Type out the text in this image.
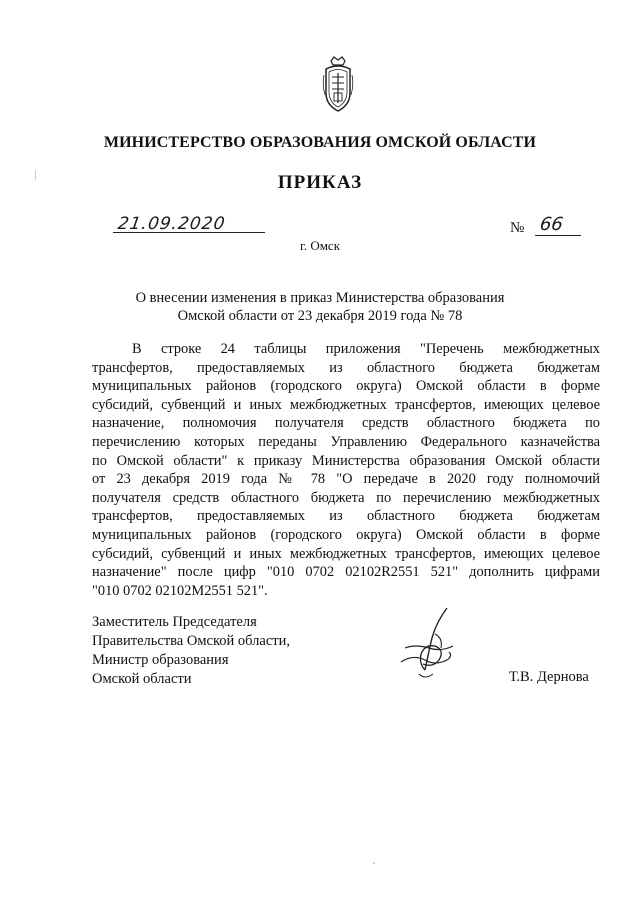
МИНИСТЕРСТВО ОБРАЗОВАНИЯ ОМСКОЙ ОБЛАСТИ
ПРИКАЗ
21.09.2020	№ 66
г. Омск
О внесении изменения в приказ Министерства образования
Омской области от 23 декабря 2019 года № 78
В строке 24 таблицы приложения "Перечень межбюджетных
трансфертов, предоставляемых из областного бюджета бюджетам
муниципальных районов (городского округа) Омской области в форме
субсидий, субвенций и иных межбюджетных трансфертов, имеющих целевое
назначение, полномочия получателя средств областного бюджета по
перечислению которых переданы Управлению Федерального казначейства
по Омской области" к приказу Министерства образования Омской области
от 23 декабря 2019 года № 78 "О передаче в 2020 году полномочий
получателя средств областного бюджета по перечислению межбюджетных
трансфертов, предоставляемых из областного бюджета бюджетам
муниципальных районов (городского округа) Омской области в форме
субсидий, субвенций и иных межбюджетных трансфертов, имеющих целевое
назначение" после цифр "010 0702 02102R2551 521" дополнить цифрами
"010 0702 02102M2551 521".
Заместитель Председателя
Правительства Омской области,
Министр образования
Омской области	Т.В. Дернова
